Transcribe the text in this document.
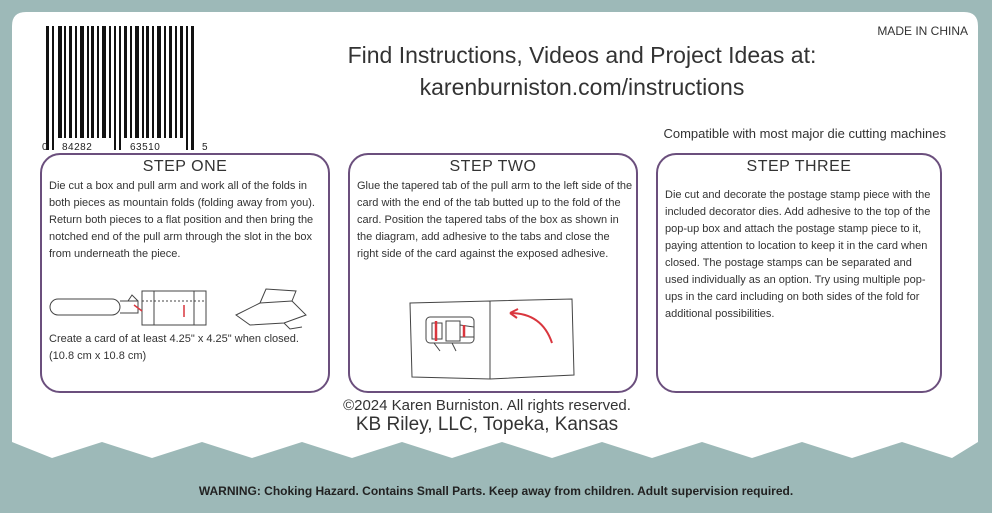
0 84282	63510	5
MADE IN CHINA
Find Instructions, Videos and Project Ideas at:
karenburniston.com/instructions
Compatible with most major die cutting machines
STEP ONE

Die cut a box and pull arm and work all of the folds in both pieces as mountain folds (folding away from you). Return both pieces to a flat position and then bring the notched end of the pull arm through the slot in the box from underneath the piece.

Create a card of at least 4.25" x 4.25" when closed. (10.8 cm x 10.8 cm)

STEP TWO

Glue the tapered tab of the pull arm to the left side of the card with the end of the tab butted up to the fold of the card. Position the tapered tabs of the box as shown in the diagram, add adhesive to the tabs and close the right side of the card against the exposed adhesive.

STEP THREE

Die cut and decorate the postage stamp piece with the included decorator dies. Add adhesive to the top of the pop-up box and attach the postage stamp piece to it, paying attention to location to keep it in the card when closed. The postage stamps can be separated and used individually as an option. Try using multiple pop-ups in the card including on both sides of the fold for additional possibilities.

©2024 Karen Burniston. All rights reserved.
KB Riley, LLC, Topeka, Kansas
WARNING: Choking Hazard. Contains Small Parts. Keep away from children. Adult supervision required.
